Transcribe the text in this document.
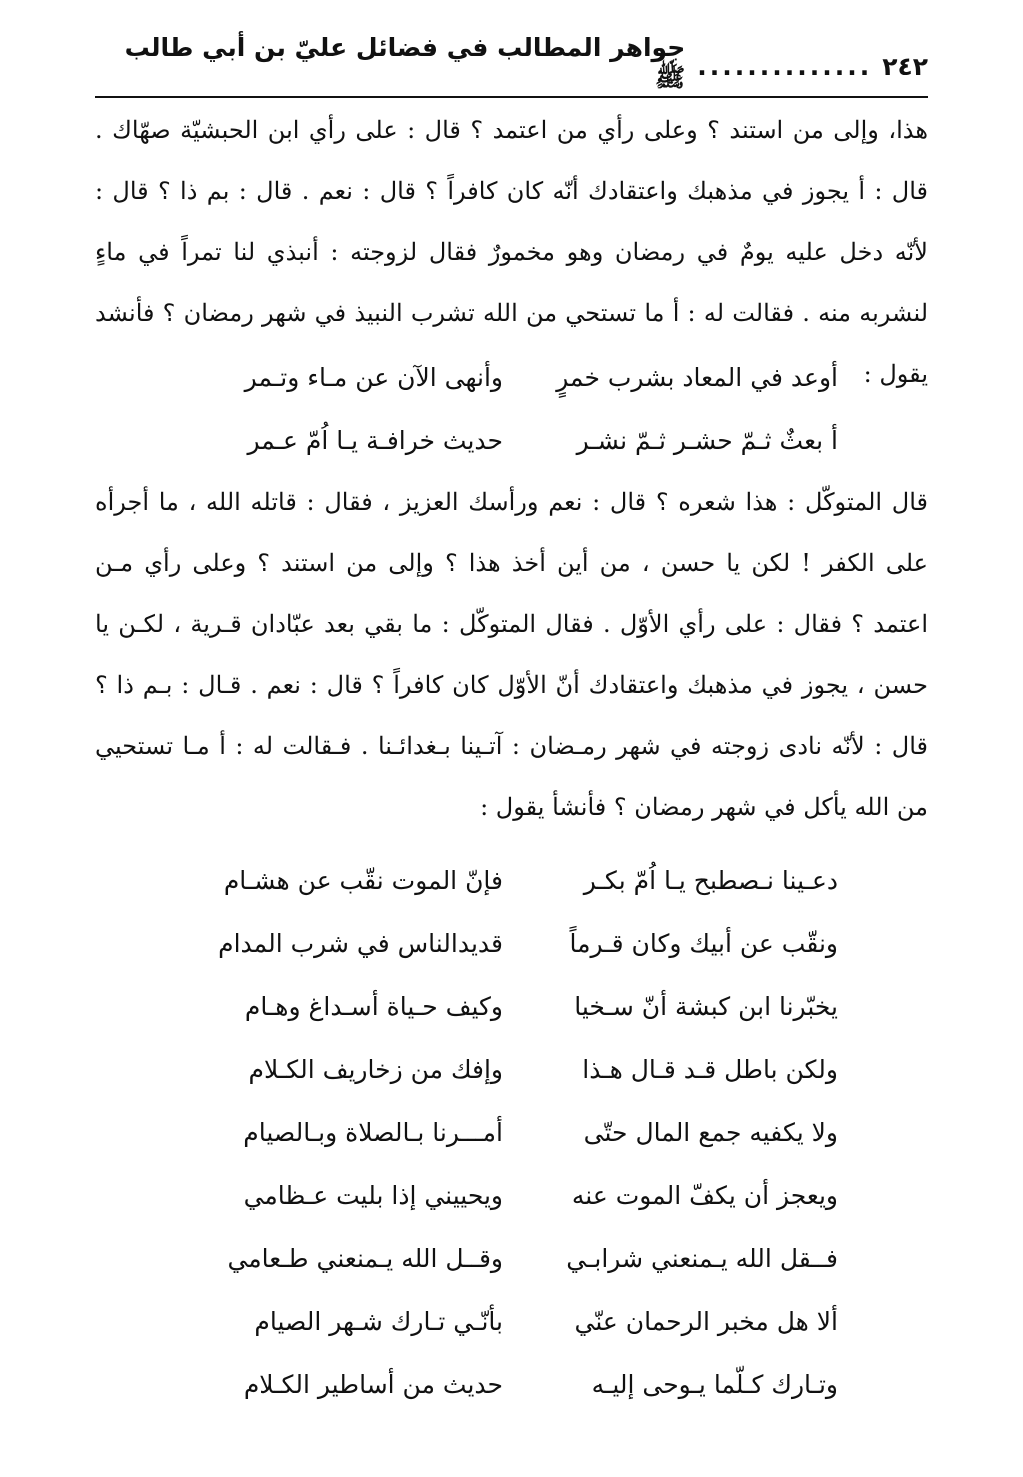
٢٤٢
..............
جواهر المطالب في فضائل عليّ بن أبي طالب ﷺ

هذا، وإلى من استند ؟ وعلى رأي من اعتمد ؟ قال : على رأي ابن الحبشيّة صهّاك . قال : أ يجوز في مذهبك واعتقادك أنّه كان كافراً ؟ قال : نعم . قال : بم ذا ؟ قال : لأنّه دخل عليه يومٌ في رمضان وهو مخمورٌ فقال لزوجته : أنبذي لنا تمراً في ماءٍ لنشربه منه . فقالت له : أ ما تستحي من الله تشرب النبيذ في شهر رمضان ؟ فأنشد يقول :

أوعد في المعاد بشرب خمرٍ
وأنهى الآن عن مـاء وتـمر
أ بعثٌ ثـمّ حشـر ثـمّ نشـر
حديث خرافـة يـا اُمّ عـمر

قال المتوكّل : هذا شعره ؟ قال : نعم ورأسك العزيز ، فقال : قاتله الله ، ما أجرأه على الكفر ! لكن يا حسن ، من أين أخذ هذا ؟ وإلى من استند ؟ وعلى رأي مـن اعتمد ؟ فقال : على رأي الأوّل . فقال المتوكّل : ما بقي بعد عبّادان قـرية ، لكـن يا حسن ، يجوز في مذهبك واعتقادك أنّ الأوّل كان كافراً ؟ قال : نعم . قـال : بـم ذا ؟ قال : لأنّه نادى زوجته في شهر رمـضان : آتـينا بـغدائـنا . فـقالت له : أ مـا تستحيي من الله يأكل في شهر رمضان ؟ فأنشأ يقول :

دعـينا نـصطبح يـا اُمّ بكـر
فإنّ الموت نقّب عن هشـام
ونقّب عن أبيك وكان قـرماً
قديدالناس في شرب المدام
يخبّرنا ابن كبشة أنّ سـخيا
وكيف حـياة أسـداغ وهـام
ولكن باطل قـد قـال هـذا
وإفك من زخاريف الكـلام
ولا يكفيه جمع المال حتّى
أمـــرنا بـالصلاة وبـالصيام
ويعجز أن يكفّ الموت عنه
ويحييني إذا بليت عـظامي
فــقل الله يـمنعني شرابـي
وقــل الله يـمنعني طـعامي
ألا هل مخبر الرحمان عنّي
بأنّـي تـارك شـهر الصيام
وتـارك كـلّما يـوحى إليـه
حديث من أساطير الكـلام
